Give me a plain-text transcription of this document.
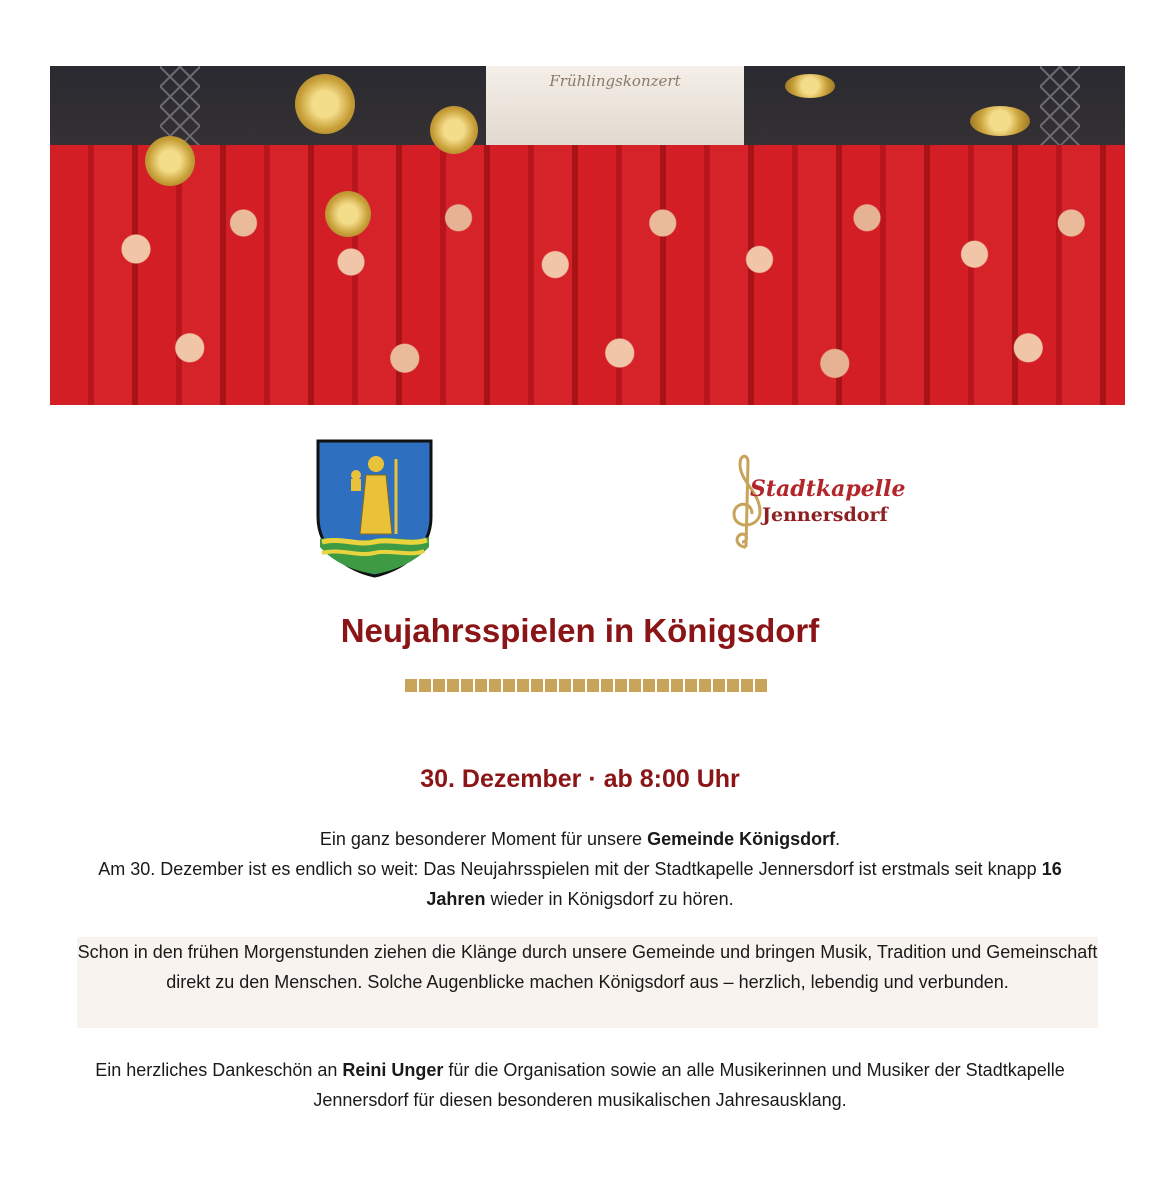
Frühlingskonzert
Stadtkapelle
Jennersdorf
Neujahrsspielen in Königsdorf
30. Dezember · ab 8:00 Uhr
Ein ganz besonderer Moment für unsere Gemeinde Königsdorf.
Am 30. Dezember ist es endlich so weit: Das Neujahrsspielen mit der Stadtkapelle Jennersdorf ist erstmals seit knapp 16 Jahren wieder in Königsdorf zu hören.
Schon in den frühen Morgenstunden ziehen die Klänge durch unsere Gemeinde und bringen Musik, Tradition und Gemeinschaft direkt zu den Menschen. Solche Augenblicke machen Königsdorf aus – herzlich, lebendig und verbunden.
Ein herzliches Dankeschön an Reini Unger für die Organisation sowie an alle Musikerinnen und Musiker der Stadtkapelle Jennersdorf für diesen besonderen musikalischen Jahresausklang.
